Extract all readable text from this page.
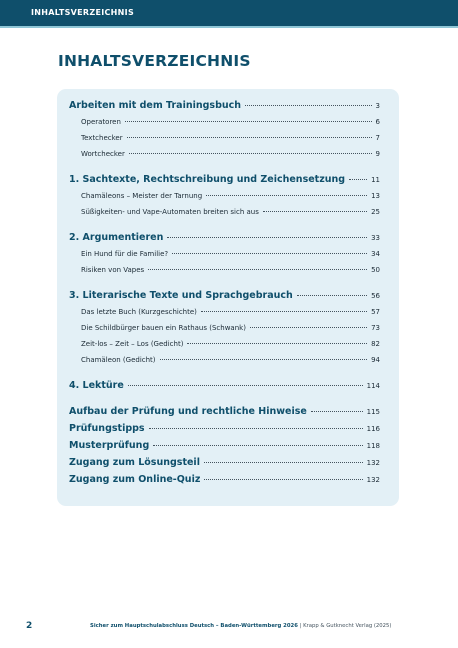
INHALTSVERZEICHNIS
INHALTSVERZEICHNIS
Arbeiten mit dem Trainingsbuch	3
Operatoren	6
Textchecker	7
Wortchecker	9
1. Sachtexte, Rechtschreibung und Zeichensetzung	11
Chamäleons – Meister der Tarnung	13
Süßigkeiten- und Vape-Automaten breiten sich aus	25
2. Argumentieren	33
Ein Hund für die Familie?	34
Risiken von Vapes	50
3. Literarische Texte und Sprachgebrauch	56
Das letzte Buch (Kurzgeschichte)	57
Die Schildbürger bauen ein Rathaus (Schwank)	73
Zeit-los – Zeit – Los (Gedicht)	82
Chamäleon (Gedicht)	94
4. Lektüre	114
Aufbau der Prüfung und rechtliche Hinweise	115
Prüfungstipps	116
Musterprüfung	118
Zugang zum Lösungsteil	132
Zugang zum Online-Quiz	132
2	Sicher zum Hauptschulabschluss Deutsch – Baden-Württemberg 2026 | Krapp & Gutknecht Verlag (2025)
